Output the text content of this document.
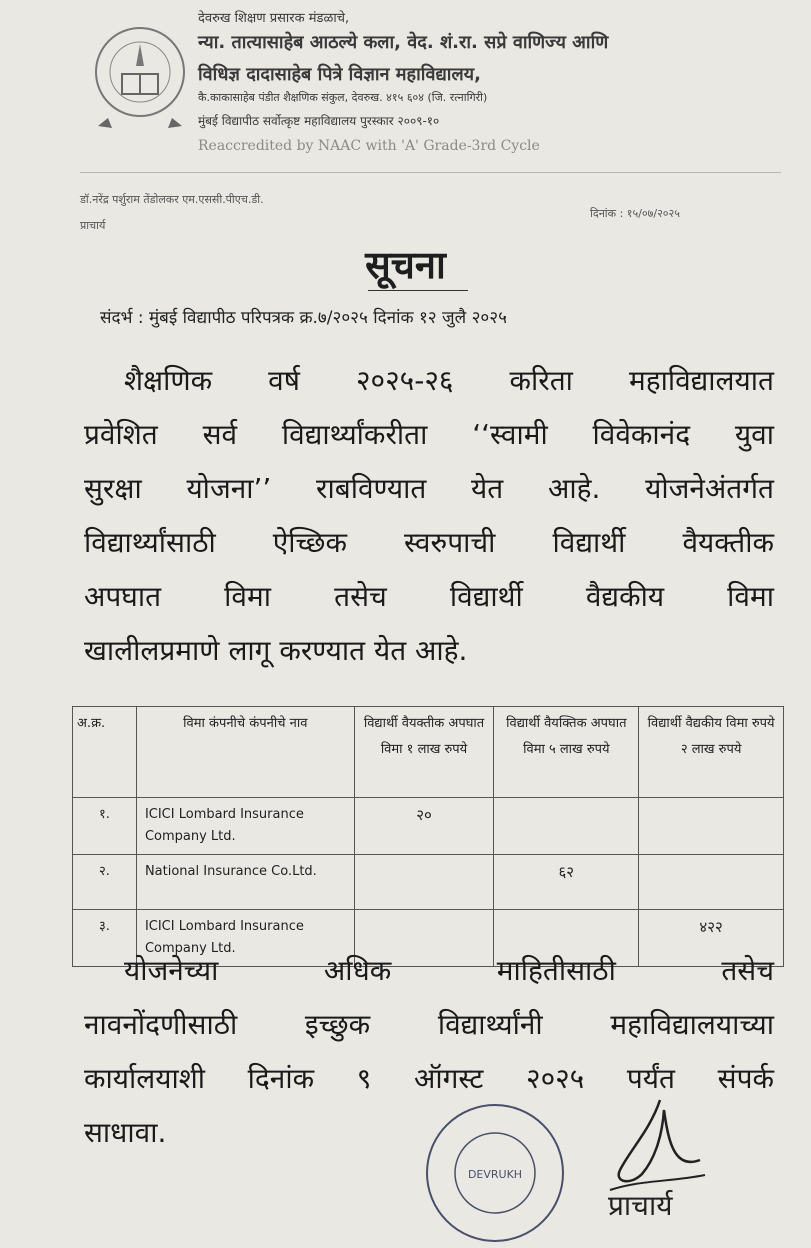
देवरुख शिक्षण प्रसारक मंडळाचे,
न्या. तात्यासाहेब आठल्ये कला, वेद. शं.रा. सप्रे वाणिज्य आणि
विधिज्ञ दादासाहेब पित्रे विज्ञान महाविद्यालय,
कै.काकासाहेब पंडीत शैक्षणिक संकुल, देवरुख. ४१५ ६०४ (जि. रत्नागिरी)
मुंबई विद्यापीठ सर्वोत्कृष्ट महाविद्यालय पुरस्कार २००९-१०
Reaccredited by NAAC with 'A' Grade-3rd Cycle
डॉ.नरेंद्र पर्शुराम तेंडोलकर एम.एससी.पीएच.डी.
प्राचार्य
दिनांक : १५/०७/२०२५
सूचना
संदर्भ : मुंबई विद्यापीठ परिपत्रक क्र.७/२०२५ दिनांक १२ जुलै २०२५
शैक्षणिक वर्ष २०२५-२६ करिता महाविद्यालयात
प्रवेशित सर्व विद्यार्थ्यांकरीता ‘‘स्वामी विवेकानंद युवा
सुरक्षा योजना’’ राबविण्यात येत आहे. योजनेअंतर्गत
विद्यार्थ्यांसाठी ऐच्छिक स्वरुपाची विद्यार्थी वैयक्तीक
अपघात विमा तसेच विद्यार्थी वैद्यकीय विमा
खालीलप्रमाणे लागू करण्यात येत आहे.
अ.क्र.	विमा कंपनीचे कंपनीचे नाव	विद्यार्थी वैयक्तीक अपघात विमा १ लाख रुपये	विद्यार्थी वैयक्तिक अपघात विमा ५ लाख रुपये	विद्यार्थी वैद्यकीय विमा रुपये २ लाख रुपये
१.	ICICI Lombard Insurance Company Ltd.	२०		
२.	National Insurance Co.Ltd.		६२	
३.	ICICI Lombard Insurance Company Ltd.			४२२
योजनेच्या अधिक माहितीसाठी तसेच
नावनोंदणीसाठी इच्छुक विद्यार्थ्यांनी महाविद्यालयाच्या
कार्यालयाशी दिनांक ९ ऑगस्ट २०२५ पर्यंत संपर्क
साधावा.
DEVRUKH
प्राचार्य
